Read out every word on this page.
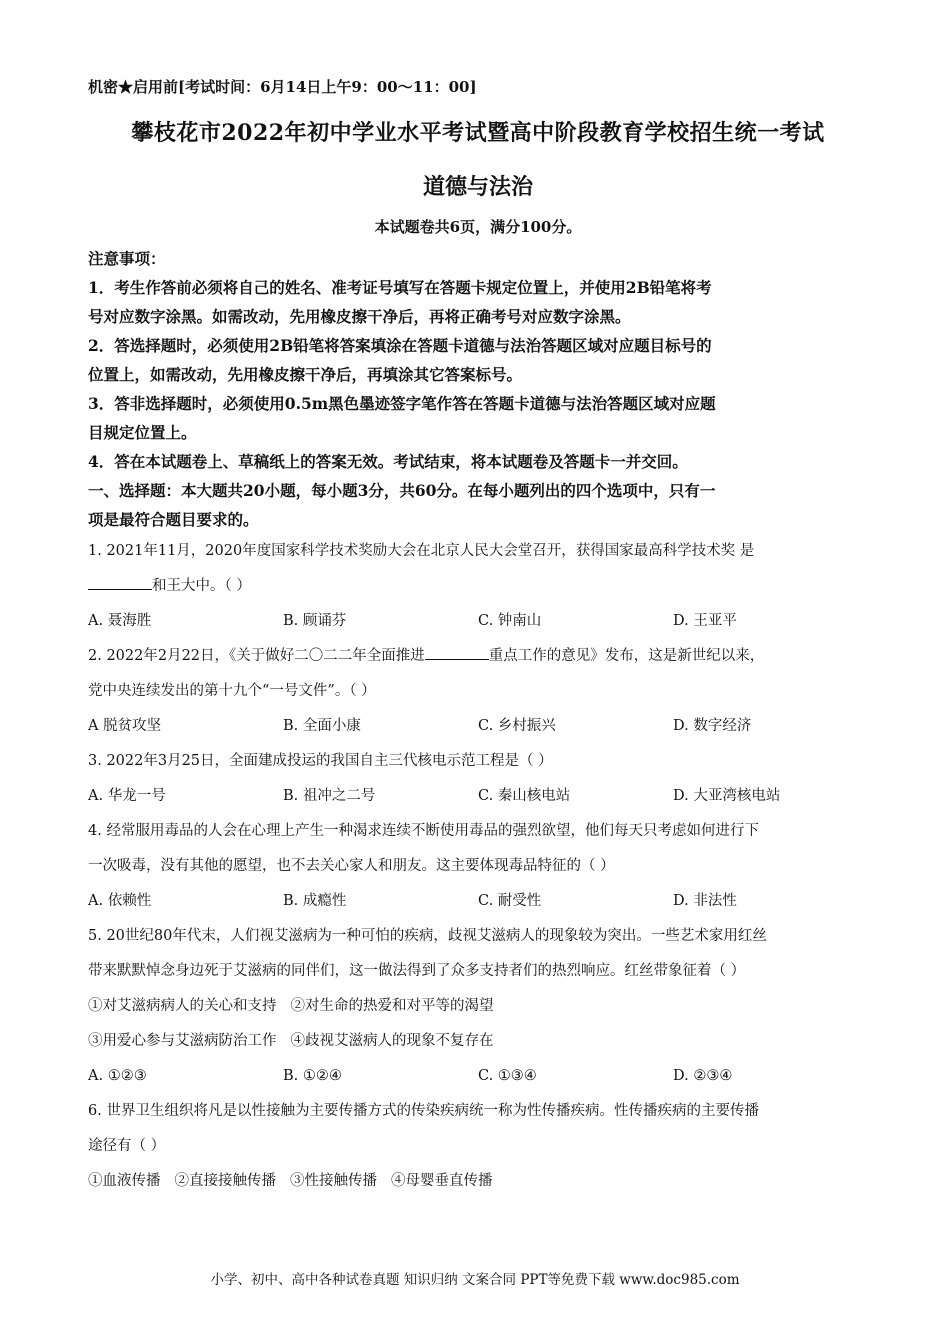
机密★启用前[考试时间：6月14日上午9：00～11：00]
攀枝花市2022年初中学业水平考试暨高中阶段教育学校招生统一考试
道德与法治
本试题卷共6页，满分100分。
注意事项：
1．考生作答前必须将自己的姓名、准考证号填写在答题卡规定位置上，并使用2B铅笔将考
号对应数字涂黑。如需改动，先用橡皮擦干净后，再将正确考号对应数字涂黑。
2．答选择题时，必须使用2B铅笔将答案填涂在答题卡道德与法治答题区域对应题目标号的
位置上，如需改动，先用橡皮擦干净后，再填涂其它答案标号。
3．答非选择题时，必须使用0.5m黑色墨迹签字笔作答在答题卡道德与法治答题区域对应题
目规定位置上。
4．答在本试题卷上、草稿纸上的答案无效。考试结束，将本试题卷及答题卡一并交回。
一、选择题：本大题共20小题，每小题3分，共60分。在每小题列出的四个选项中，只有一
项是最符合题目要求的。
1. 2021年11月，2020年度国家科学技术奖励大会在北京人民大会堂召开，获得国家最高科学技术奖 是
和王大中。（ ）
A. 聂海胜	B. 顾诵芬	C. 钟南山	D. 王亚平
2. 2022年2月22日，《关于做好二〇二二年全面推进	重点工作的意见》发布，这是新世纪以来，
党中央连续发出的第十九个“一号文件”。（ ）
A 脱贫攻坚	B. 全面小康	C. 乡村振兴	D. 数字经济
3. 2022年3月25日，全面建成投运的我国自主三代核电示范工程是（ ）
A. 华龙一号	B. 祖冲之二号	C. 秦山核电站	D. 大亚湾核电站
4. 经常服用毒品的人会在心理上产生一种渴求连续不断使用毒品的强烈欲望，他们每天只考虑如何进行下
一次吸毒，没有其他的愿望，也不去关心家人和朋友。这主要体现毒品特征的（ ）
A. 依赖性	B. 成瘾性	C. 耐受性	D. 非法性
5. 20世纪80年代末，人们视艾滋病为一种可怕的疾病，歧视艾滋病人的现象较为突出。一些艺术家用红丝
带来默默悼念身边死于艾滋病的同伴们，这一做法得到了众多支持者们的热烈响应。红丝带象征着（ ）
①对艾滋病病人的关心和支持 ②对生命的热爱和对平等的渴望
③用爱心参与艾滋病防治工作 ④歧视艾滋病人的现象不复存在
A. ①②③	B. ①②④	C. ①③④	D. ②③④
6. 世界卫生组织将凡是以性接触为主要传播方式的传染疾病统一称为性传播疾病。性传播疾病的主要传播
途径有（ ）
①血液传播 ②直接接触传播 ③性接触传播 ④母婴垂直传播
小学、初中、高中各种试卷真题 知识归纳 文案合同 PPT等免费下载 www.doc985.com
